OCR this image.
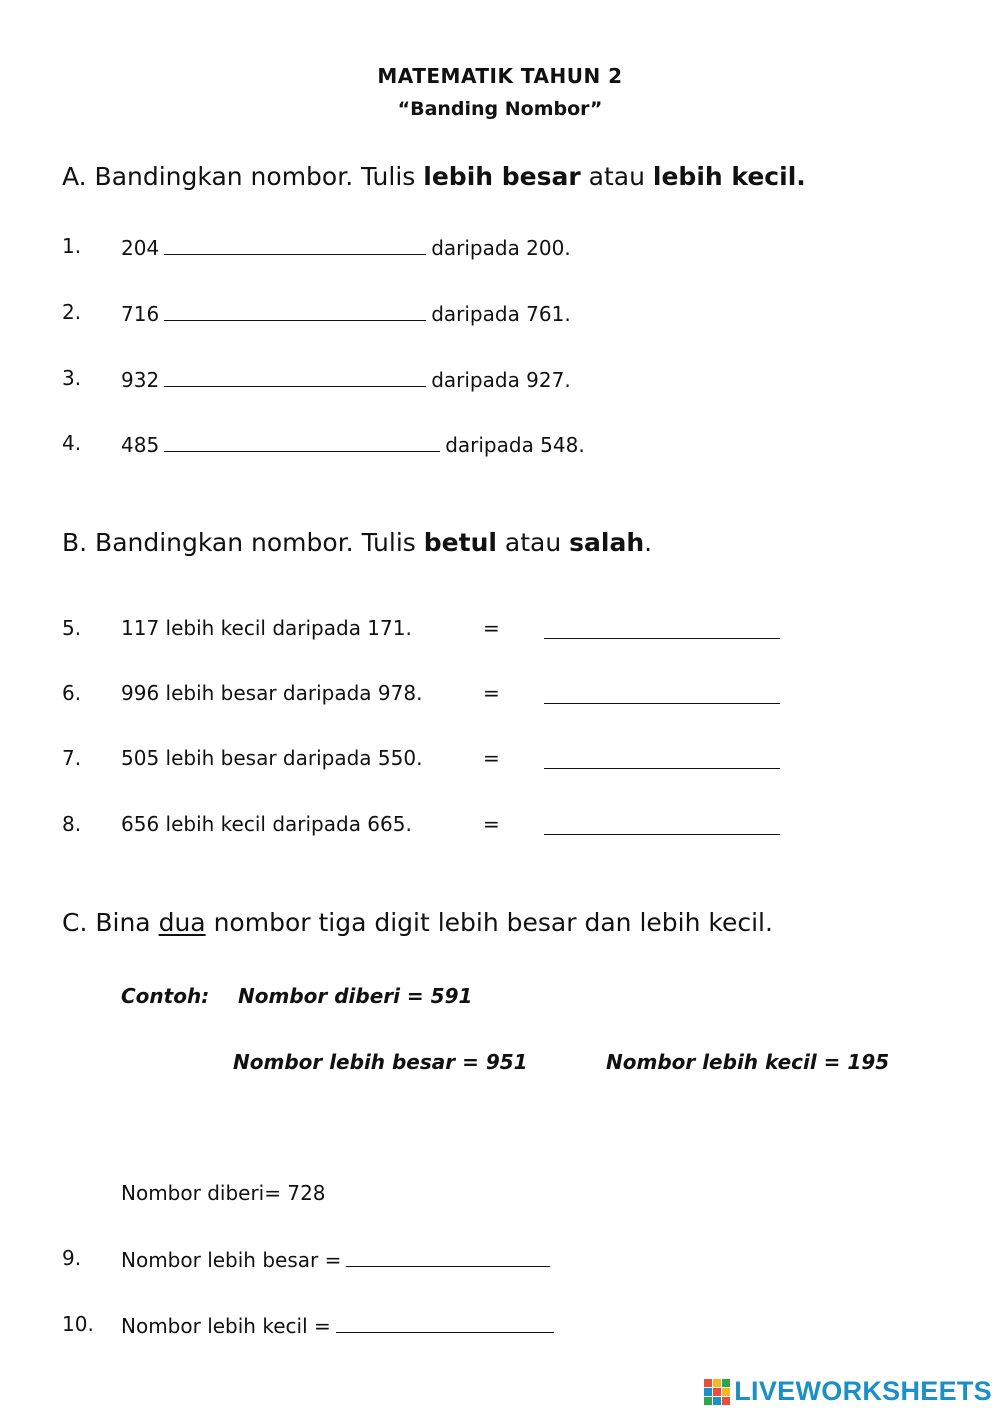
MATEMATIK TAHUN 2
“Banding Nombor”
A. Bandingkan nombor. Tulis lebih besar atau lebih kecil.
1. 204	daripada 200.
2. 716	daripada 761.
3. 932	daripada 927.
4. 485	daripada 548.
B. Bandingkan nombor. Tulis betul atau salah.
5. 117 lebih kecil daripada 171.	=
6. 996 lebih besar daripada 978.	=
7. 505 lebih besar daripada 550.	=
8. 656 lebih kecil daripada 665.	=
C. Bina dua nombor tiga digit lebih besar dan lebih kecil.
Contoh: Nombor diberi = 591
Nombor lebih besar = 951	Nombor lebih kecil = 195
Nombor diberi= 728
9. Nombor lebih besar =
10. Nombor lebih kecil =
LIVEWORKSHEETS
